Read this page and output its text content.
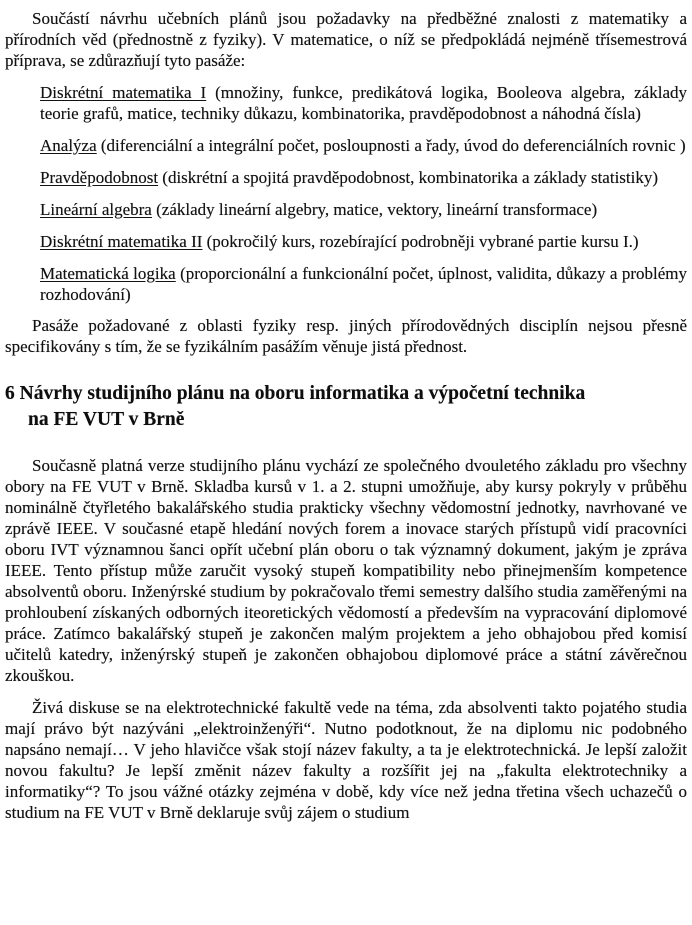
Součástí návrhu učebních plánů jsou požadavky na předběžné znalosti z matematiky a přírodních věd (přednostně z fyziky). V matematice, o níž se předpokládá nejméně třísemestrová příprava, se zdůrazňují tyto pasáže:

Diskrétní matematika I (množiny, funkce, predikátová logika, Booleova algebra, základy teorie grafů, matice, techniky důkazu, kombinatorika, pravděpodobnost a náhodná čísla)

Analýza (diferenciální a integrální počet, posloupnosti a řady, úvod do deferenciálních rovnic )

Pravděpodobnost (diskrétní a spojitá pravděpodobnost, kombinatorika a základy statistiky)

Lineární algebra (základy lineární algebry, matice, vektory, lineární transformace)

Diskrétní matematika II (pokročilý kurs, rozebírající podrobněji vybrané partie kursu I.)

Matematická logika (proporcionální a funkcionální počet, úplnost, validita, důkazy a problémy rozhodování)

Pasáže požadované z oblasti fyziky resp. jiných přírodovědných disciplín nejsou přesně specifikovány s tím, že se fyzikálním pasážím věnuje jistá přednost.

6 Návrhy studijního plánu na oboru informatika a výpočetní technika
na FE VUT v Brně

Současně platná verze studijního plánu vychází ze společného dvouletého základu pro všechny obory na FE VUT v Brně. Skladba kursů v 1. a 2. stupni umožňuje, aby kursy pokryly v průběhu nominálně čtyřletého bakalářského studia prakticky všechny vědomostní jednotky, navrhované ve zprávě IEEE. V současné etapě hledání nových forem a inovace starých přístupů vidí pracovníci oboru IVT významnou šanci opřít učební plán oboru o tak významný dokument, jakým je zpráva IEEE. Tento přístup může zaručit vysoký stupeň kompatibility nebo přinejmenším kompetence absolventů oboru. Inženýrské studium by pokračovalo třemi semestry dalšího studia zaměřenými na prohloubení získaných odborných iteoretických vědomostí a především na vypracování diplomové práce. Zatímco bakalářský stupeň je zakončen malým projektem a jeho obhajobou před komisí učitelů katedry, inženýrský stupeň je zakončen obhajobou diplomové práce a státní závěrečnou zkouškou.

Živá diskuse se na elektrotechnické fakultě vede na téma, zda absolventi takto pojatého studia mají právo být nazýváni „elektroinženýři“. Nutno podotknout, že na diplomu nic podobného napsáno nemají… V jeho hlavičce však stojí název fakulty, a ta je elektrotechnická. Je lepší založit novou fakultu? Je lepší změnit název fakulty a rozšířit jej na „fakulta elektrotechniky a informatiky“? To jsou vážné otázky zejména v době, kdy více než jedna třetina všech uchazečů o studium na FE VUT v Brně deklaruje svůj zájem o studium
